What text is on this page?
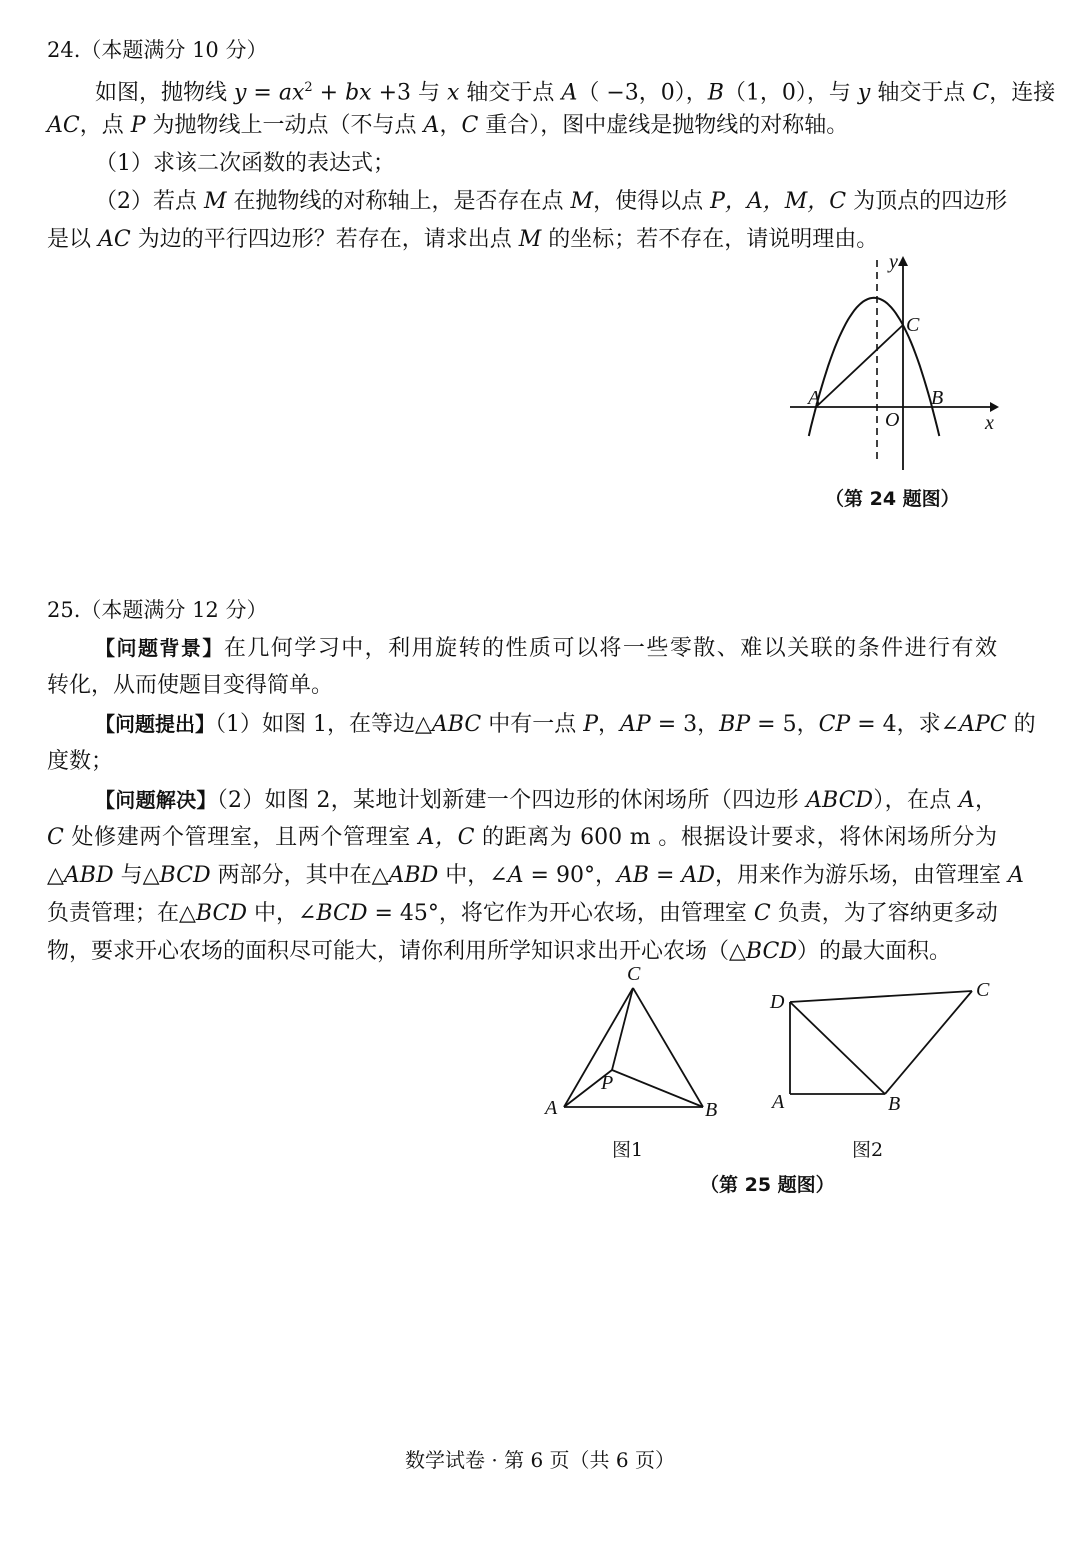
24.（本题满分 10 分）
如图，抛物线 $y = ax^2$ + bx +3 与 x 轴交于点 A（ −3，0），B（1，0），与 y 轴交于点 C，连接
AC，点 P 为抛物线上一动点（不与点 A，C 重合），图中虚线是抛物线的对称轴。
（1）求该二次函数的表达式；
（2）若点 M 在抛物线的对称轴上，是否存在点 M，使得以点 P，A，M，C 为顶点的四边形
是以 AC 为边的平行四边形？若存在，请求出点 M 的坐标；若不存在，请说明理由。
y
x
O
A	B
C
（第 24 题图）
25.（本题满分 12 分）
【问题背景】在几何学习中，利用旋转的性质可以将一些零散、难以关联的条件进行有效
转化，从而使题目变得简单。
【问题提出】（1）如图 1，在等边△ABC 中有一点 P，AP = 3，BP = 5，CP = 4，求∠APC 的
度数；
【问题解决】（2）如图 2，某地计划新建一个四边形的休闲场所（四边形 ABCD），在点 A，
C 处修建两个管理室，且两个管理室 A，C 的距离为 600 m 。根据设计要求，将休闲场所分为
△ABD 与△BCD 两部分，其中在△ABD 中，∠A = 90°，AB = AD，用来作为游乐场，由管理室 A
负责管理；在△BCD 中，∠BCD = 45°，将它作为开心农场，由管理室 C 负责，为了容纳更多动
物，要求开心农场的面积尽可能大，请你利用所学知识求出开心农场（△BCD）的最大面积。
A	B
C
P
图1
A	B
C
D
图2
（第 25 题图）
数学试卷 · 第 6 页（共 6 页）
